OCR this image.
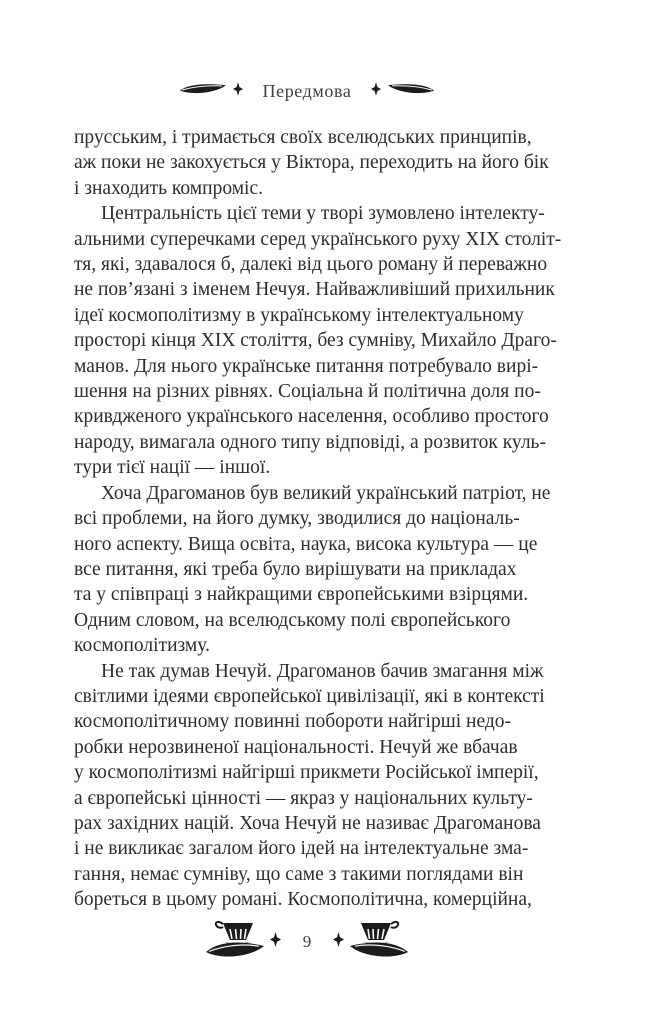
Передмова
прусським, і тримається своїх вселюдських принципів,
аж поки не закохується у Віктора, переходить на його бік
і знаходить компроміс.
Центральність цієї теми у творі зумовлено інтелекту-
альними суперечками серед українського руху XIX століт-
тя, які, здавалося б, далекі від цього роману й переважно
не пов’язані з іменем Нечуя. Найважливіший прихильник
ідеї космополітизму в українському інтелектуальному
просторі кінця XIX століття, без сумніву, Михайло Драго-
манов. Для нього українське питання потребувало вирі-
шення на різних рівнях. Соціальна й політична доля по-
кривдженого українського населення, особливо простого
народу, вимагала одного типу відповіді, а розвиток куль-
тури тієї нації — іншої.
Хоча Драгоманов був великий український патріот, не
всі проблеми, на його думку, зводилися до національ-
ного аспекту. Вища освіта, наука, висока культура — це
все питання, які треба було вирішувати на прикладах
та у співпраці з найкращими європейськими взірцями.
Одним словом, на вселюдському полі європейського
космополітизму.
Не так думав Нечуй. Драгоманов бачив змагання між
світлими ідеями європейської цивілізації, які в контексті
космополітичному повинні побороти найгірші недо-
робки нерозвиненої національності. Нечуй же вбачав
у космополітизмі найгірші прикмети Російської імперії,
а європейські цінності — якраз у національних культу-
рах західних націй. Хоча Нечуй не називає Драгоманова
і не викликає загалом його ідей на інтелектуальне зма-
гання, немає сумніву, що саме з такими поглядами він
бореться в цьому романі. Космополітична, комерційна,
9
